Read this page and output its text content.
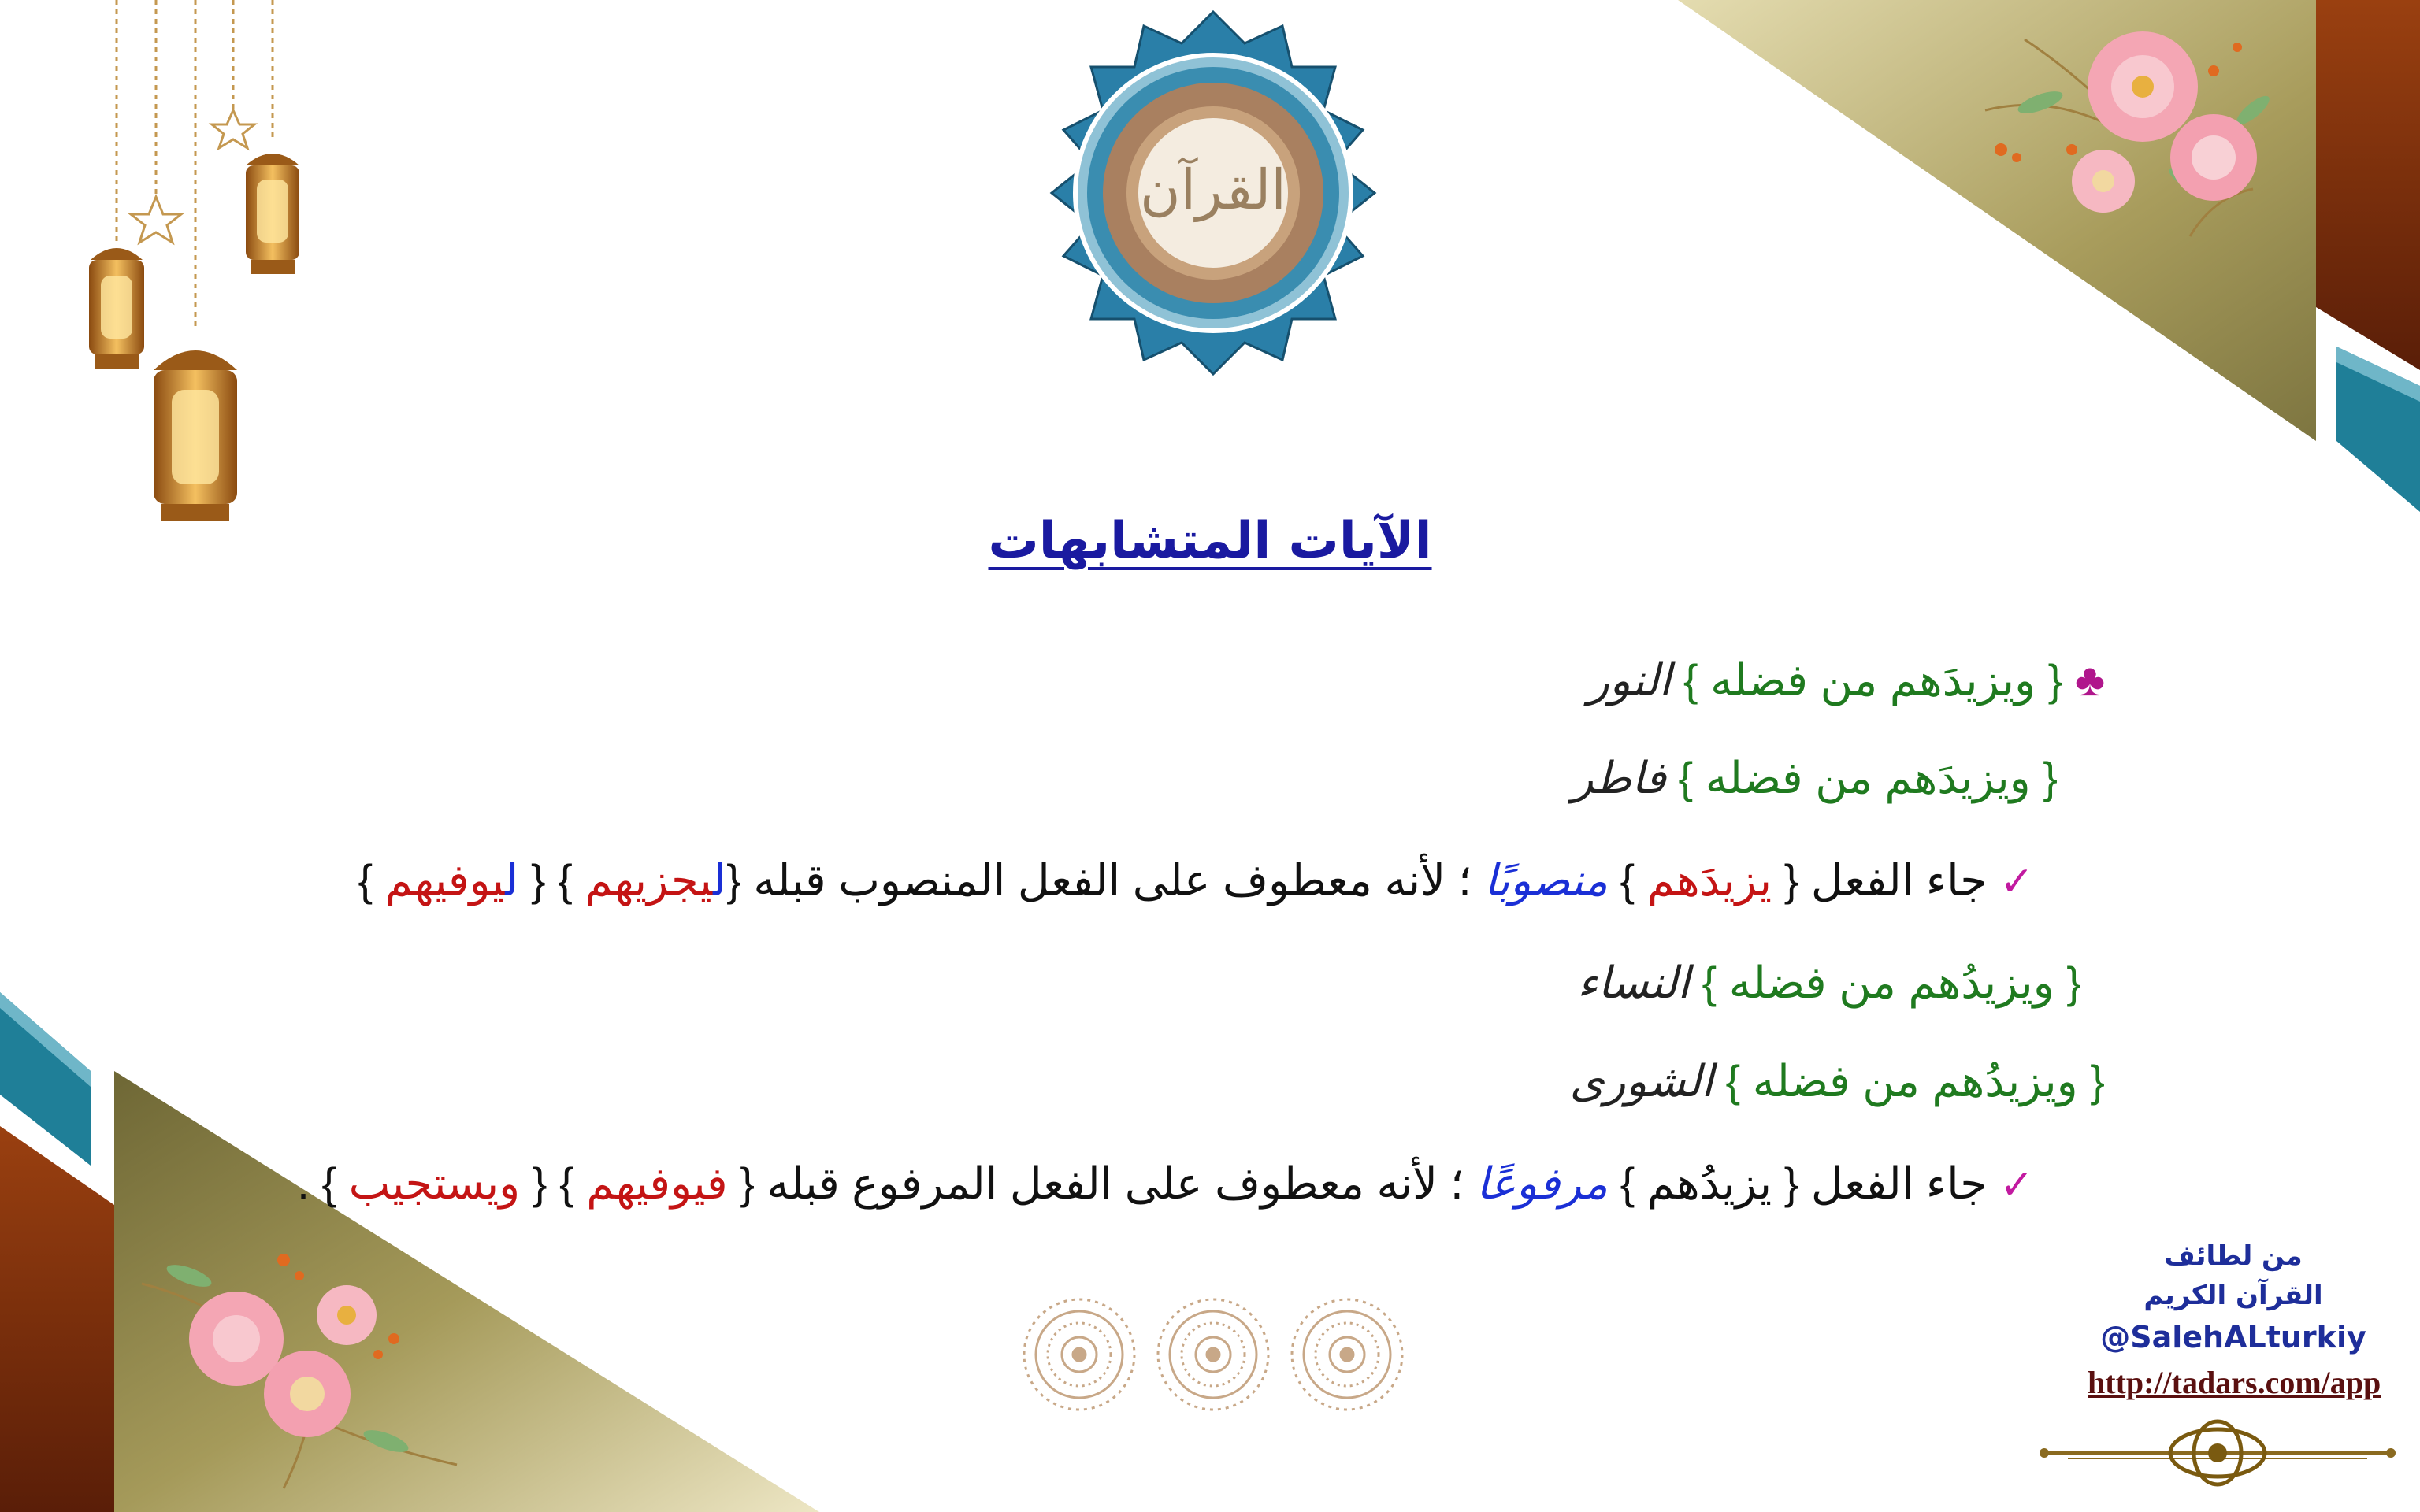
القرآن
الآيات المتشابهات
♣ { ويزيدَهم من فضله } النور
{ ويزيدَهم من فضله } فاطر
✓ جاء الفعل { يزيدَهم } منصوبًا ؛ لأنه معطوف على الفعل المنصوب قبله {ليجزيهم } { ليوفيهم }
{ ويزيدُهم من فضله } النساء
{ ويزيدُهم من فضله } الشورى
✓ جاء الفعل { يزيدُهم } مرفوعًا ؛ لأنه معطوف على الفعل المرفوع قبله { فيوفيهم } { ويستجيب } .
من لطائف
القرآن الكريم
@SalehALturkiy
http://tadars.com/app
